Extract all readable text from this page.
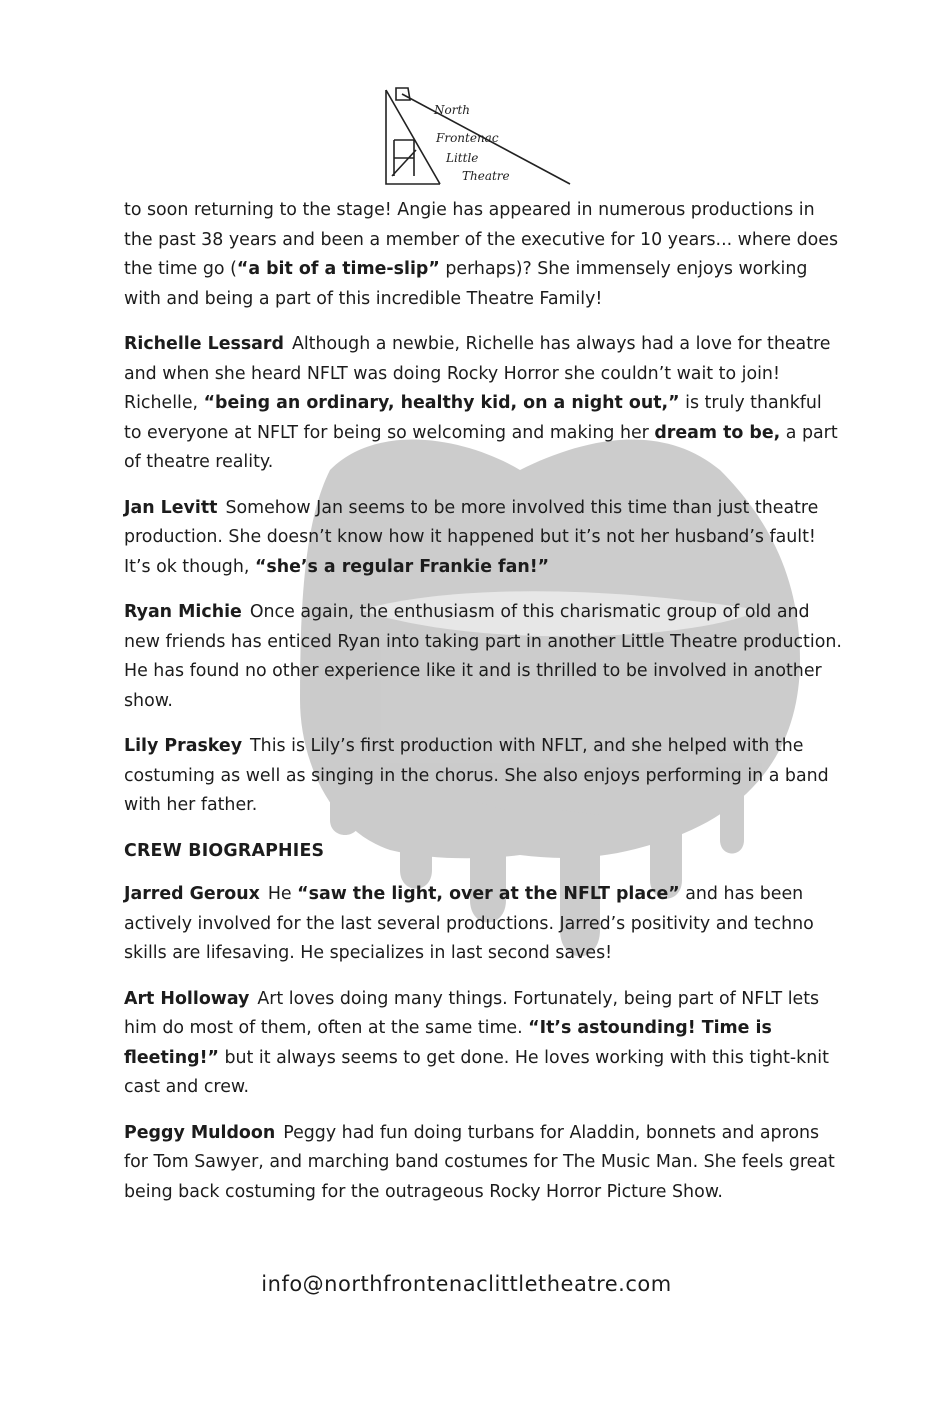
North
Frontenac
Little
Theatre

to soon returning to the stage! Angie has appeared in numerous productions in the past 38 years and been a member of the executive for 10 years... where does the time go (“a bit of a time-slip” perhaps)? She immensely enjoys working with and being a part of this incredible Theatre Family!

Richelle Lessard Although a newbie, Richelle has always had a love for theatre and when she heard NFLT was doing Rocky Horror she couldn’t wait to join! Richelle, “being an ordinary, healthy kid, on a night out,” is truly thankful to everyone at NFLT for being so welcoming and making her dream to be, a part of theatre reality.

Jan Levitt Somehow Jan seems to be more involved this time than just theatre production. She doesn’t know how it happened but it’s not her husband’s fault! It’s ok though, “she’s a regular Frankie fan!”

Ryan Michie Once again, the enthusiasm of this charismatic group of old and new friends has enticed Ryan into taking part in another Little Theatre production. He has found no other experience like it and is thrilled to be involved in another show.

Lily Praskey This is Lily’s first production with NFLT, and she helped with the costuming as well as singing in the chorus. She also enjoys performing in a band with her father.

CREW BIOGRAPHIES

Jarred Geroux He “saw the light, over at the NFLT place” and has been actively involved for the last several productions. Jarred’s positivity and techno skills are lifesaving. He specializes in last second saves!

Art Holloway Art loves doing many things. Fortunately, being part of NFLT lets him do most of them, often at the same time. “It’s astounding! Time is fleeting!” but it always seems to get done. He loves working with this tight-knit cast and crew.

Peggy Muldoon Peggy had fun doing turbans for Aladdin, bonnets and aprons for Tom Sawyer, and marching band costumes for The Music Man. She feels great being back costuming for the outrageous Rocky Horror Picture Show.

info@northfrontenaclittletheatre.com
